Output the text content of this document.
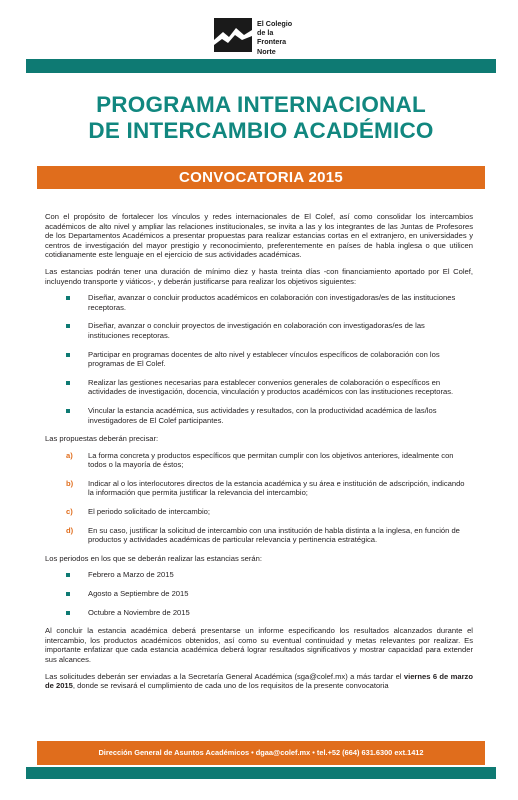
El Colegio
de la Frontera
Norte
PROGRAMA INTERNACIONAL
DE INTERCAMBIO ACADÉMICO
CONVOCATORIA 2015

Con el propósito de fortalecer los vínculos y redes internacionales de El Colef, así como consolidar los intercambios académicos de alto nivel y ampliar las relaciones institucionales, se invita a las y los integrantes de las Juntas de Profesores de los Departamentos Académicos a presentar propuestas para realizar estancias cortas en el extranjero, en universidades y centros de investigación del mayor prestigio y reconocimiento, preferentemente en países de habla inglesa o que utilicen cotidianamente este lenguaje en el ejercicio de sus actividades académicas.

Las estancias podrán tener una duración de mínimo diez y hasta treinta días -con financiamiento aportado por El Colef, incluyendo transporte y viáticos-, y deberán justificarse para realizar los objetivos siguientes:

Diseñar, avanzar o concluir productos académicos en colaboración con investigadoras/es de las instituciones receptoras.
Diseñar, avanzar o concluir proyectos de investigación en colaboración con investigadoras/es de las instituciones receptoras.
Participar en programas docentes de alto nivel y establecer vínculos específicos de colaboración con los programas de El Colef.
Realizar las gestiones necesarias para establecer convenios generales de colaboración o específicos en actividades de investigación, docencia, vinculación y productos académicos con las instituciones receptoras.
Vincular la estancia académica, sus actividades y resultados, con la productividad académica de las/los investigadores de El Colef participantes.

Las propuestas deberán precisar:

a) La forma concreta y productos específicos que permitan cumplir con los objetivos anteriores, idealmente con todos o la mayoría de éstos;
b) Indicar al o los interlocutores directos de la estancia académica y su área e institución de adscripción, indicando la información que permita justificar la relevancia del intercambio;
c) El periodo solicitado de intercambio;
d) En su caso, justificar la solicitud de intercambio con una institución de habla distinta a la inglesa, en función de productos y actividades académicas de particular relevancia y pertinencia estratégica.

Los periodos en los que se deberán realizar las estancias serán:

Febrero a Marzo de 2015
Agosto a Septiembre de 2015
Octubre a Noviembre de 2015

Al concluir la estancia académica deberá presentarse un informe especificando los resultados alcanzados durante el intercambio, los productos académicos obtenidos, así como su eventual continuidad y metas relevantes por realizar. Es importante enfatizar que cada estancia académica deberá lograr resultados significativos y mostrar capacidad para extender sus alcances.

Las solicitudes deberán ser enviadas a la Secretaría General Académica (sga@colef.mx) a más tardar el viernes 6 de marzo de 2015, donde se revisará el cumplimiento de cada uno de los requisitos de la presente convocatoria

Dirección General de Asuntos Académicos • dgaa@colef.mx • tel.+52 (664) 631.6300 ext.1412
